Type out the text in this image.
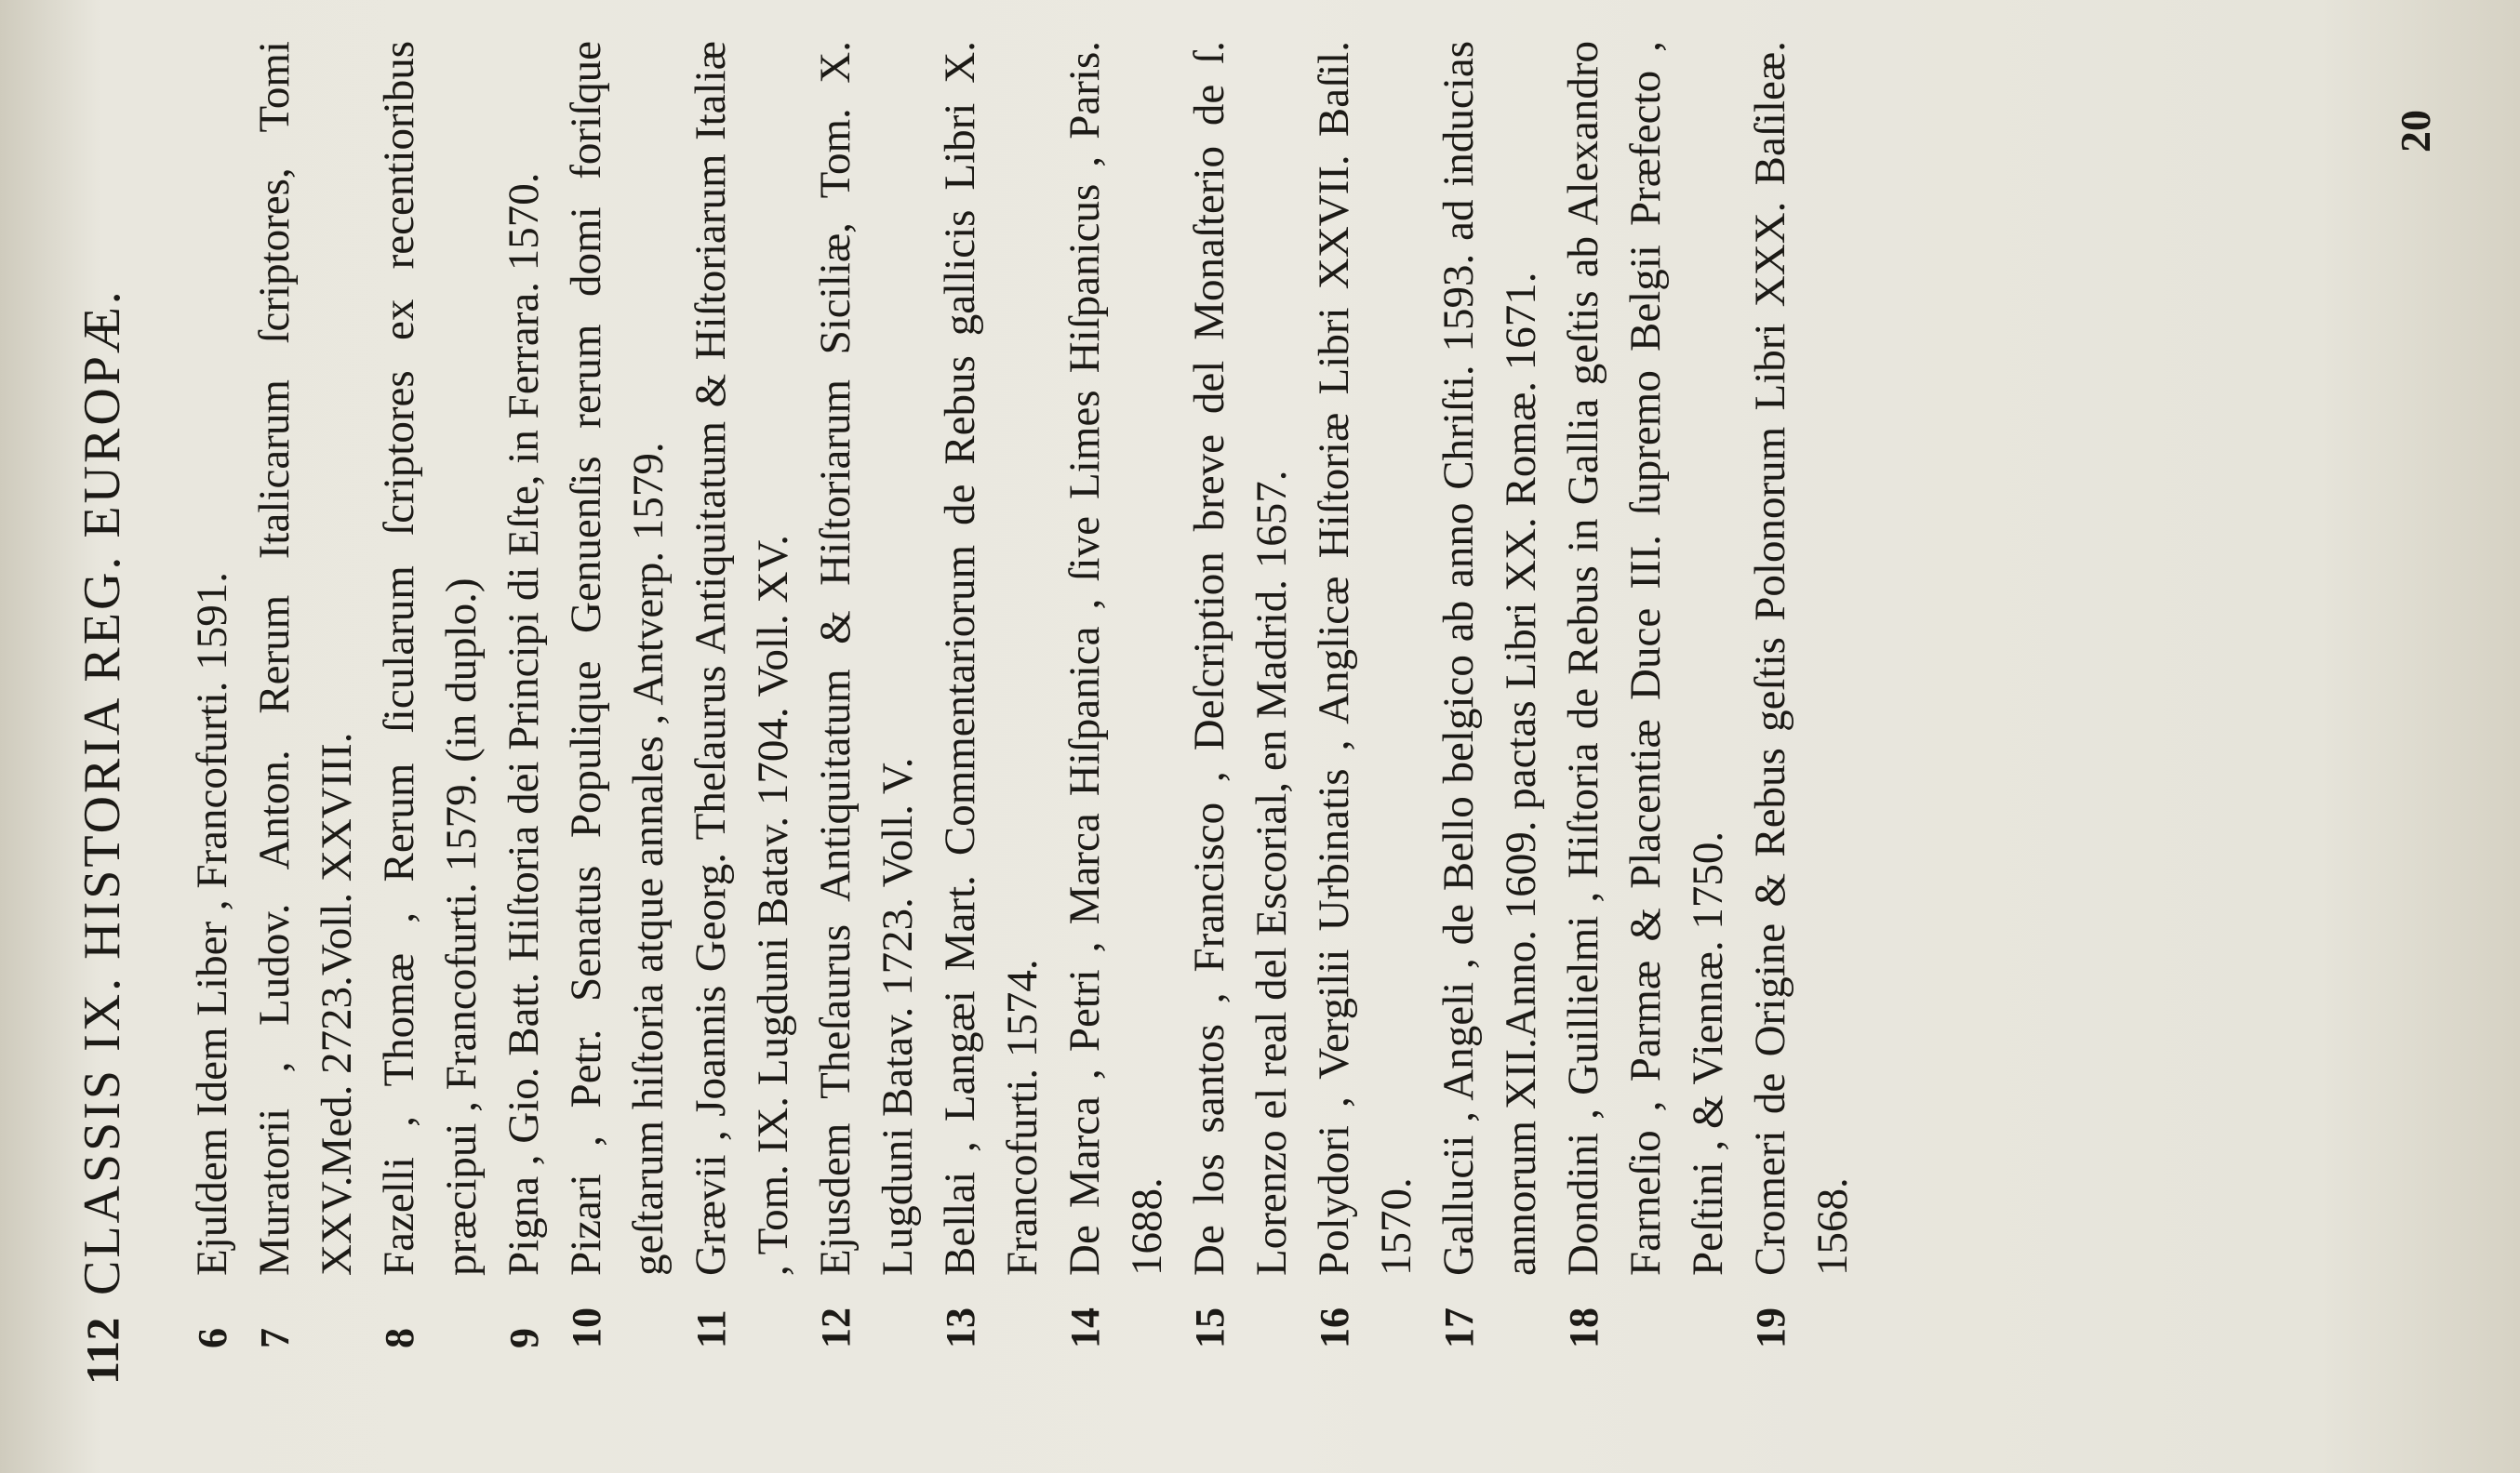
112
CLASSIS IX. HISTORIA REG. EUROPÆ.
6
Ejuſdem Idem Liber , Francofurti. 1591.
7
Muratorii , Ludov. Anton. Rerum Italicarum ſcriptores, Tomi XXV.Med. 2723.Voll. XXVIII.
8
Fazelli , Thomæ , Rerum ſicularum ſcriptores ex recentioribus præcipui , Francofurti. 1579. (in duplo.)
9
Pigna , Gio. Batt. Hiſtoria dei Principi di Eſte, in Ferrara. 1570.
10
Pizari , Petr. Senatus Populique Genuenſis rerum domi foriſque geſtarum hiſtoria atque annales , Antverp. 1579.
11
Grævii , Joannis Georg. Theſaurus Antiquitatum & Hiſtoriarum Italiæ , Tom. IX. Lugduni Batav. 1704. Voll. XV.
12
Ejusdem Theſaurus Antiquitatum & Hiſtoriarum Siciliæ, Tom. X. Lugduni Batav. 1723. Voll. V.
13
Bellai , Langæi Mart. Commentariorum de Rebus gallicis Libri X. Francofurti. 1574.
14
De Marca , Petri , Marca Hiſpanica , ſive Limes Hiſpanicus , Paris. 1688.
15
De los santos , Francisco , Deſcription breve del Monaſterio de ſ. Lorenzo el real del Escorial, en Madrid. 1657.
16
Polydori , Vergilii Urbinatis , Anglicæ Hiſtoriæ Libri XXVII. Baſil. 1570.
17
Gallucii , Angeli , de Bello belgico ab anno Chriſti. 1593. ad inducias annorum XII.Anno. 1609. pactas Libri XX. Romæ. 1671.
18
Dondini , Guillielmi , Hiſtoria de Rebus in Gallia geſtis ab Alexandro Farneſio , Parmæ & Placentiæ Duce III. ſupremo Belgii Præfecto , Peſtini , & Viennæ. 1750.
19
Cromeri de Origine & Rebus geſtis Polonorum Libri XXX. Baſileæ. 1568.
20
